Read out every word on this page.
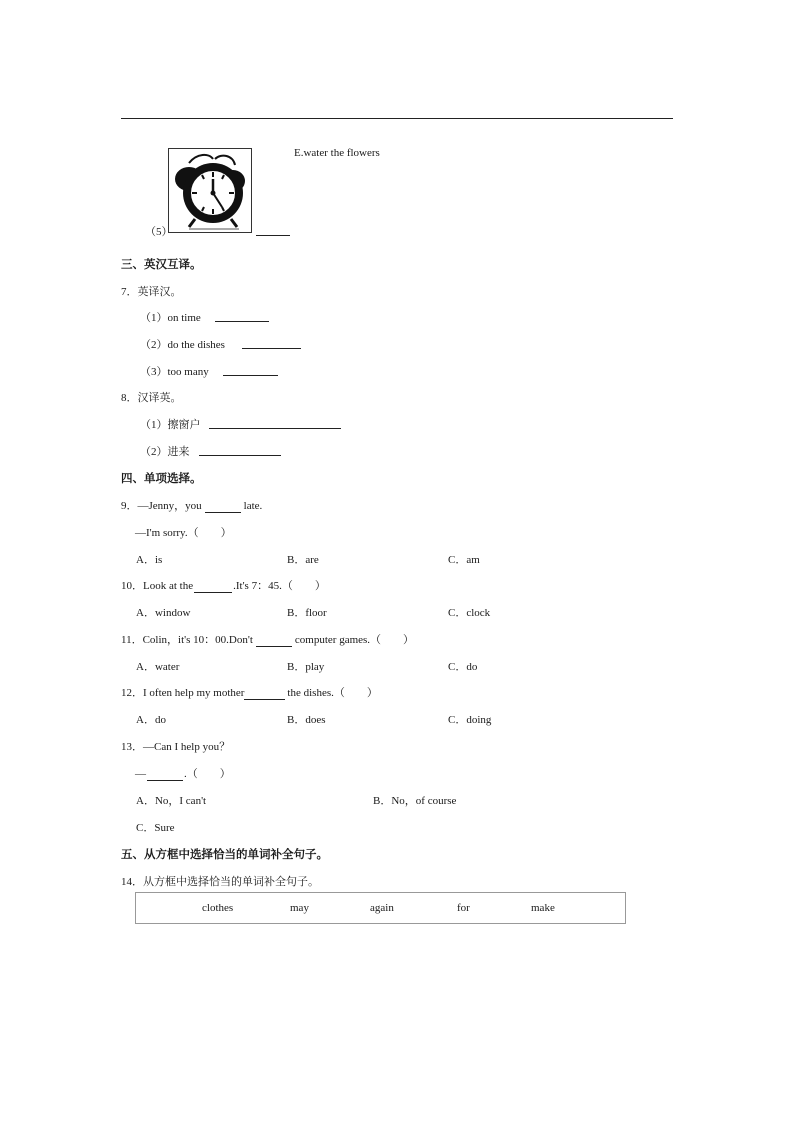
E.water the flowers
（5）
三、英汉互译。
7．英译汉。
（1）on time
（2）do the dishes
（3）too many
8．汉译英。
（1）擦窗户
（2）进来
四、单项选择。
9．—Jenny，you	late.
—I'm sorry.（　　）
A．is	B．are	C．am
10．Look at the	.It's 7：45.（　　）
A．window	B．floor	C．clock
11．Colin，it's 10：00.Don't	computer games.（　　）
A．water	B．play	C．do
12．I often help my mother	the dishes.（　　）
A．do	B．does	C．doing
13．—Can I help you？
—	.（　　）
A．No，I can't	B．No，of course
C．Sure
五、从方框中选择恰当的单词补全句子。
14．从方框中选择恰当的单词补全句子。
clothes	may	again	for	make
